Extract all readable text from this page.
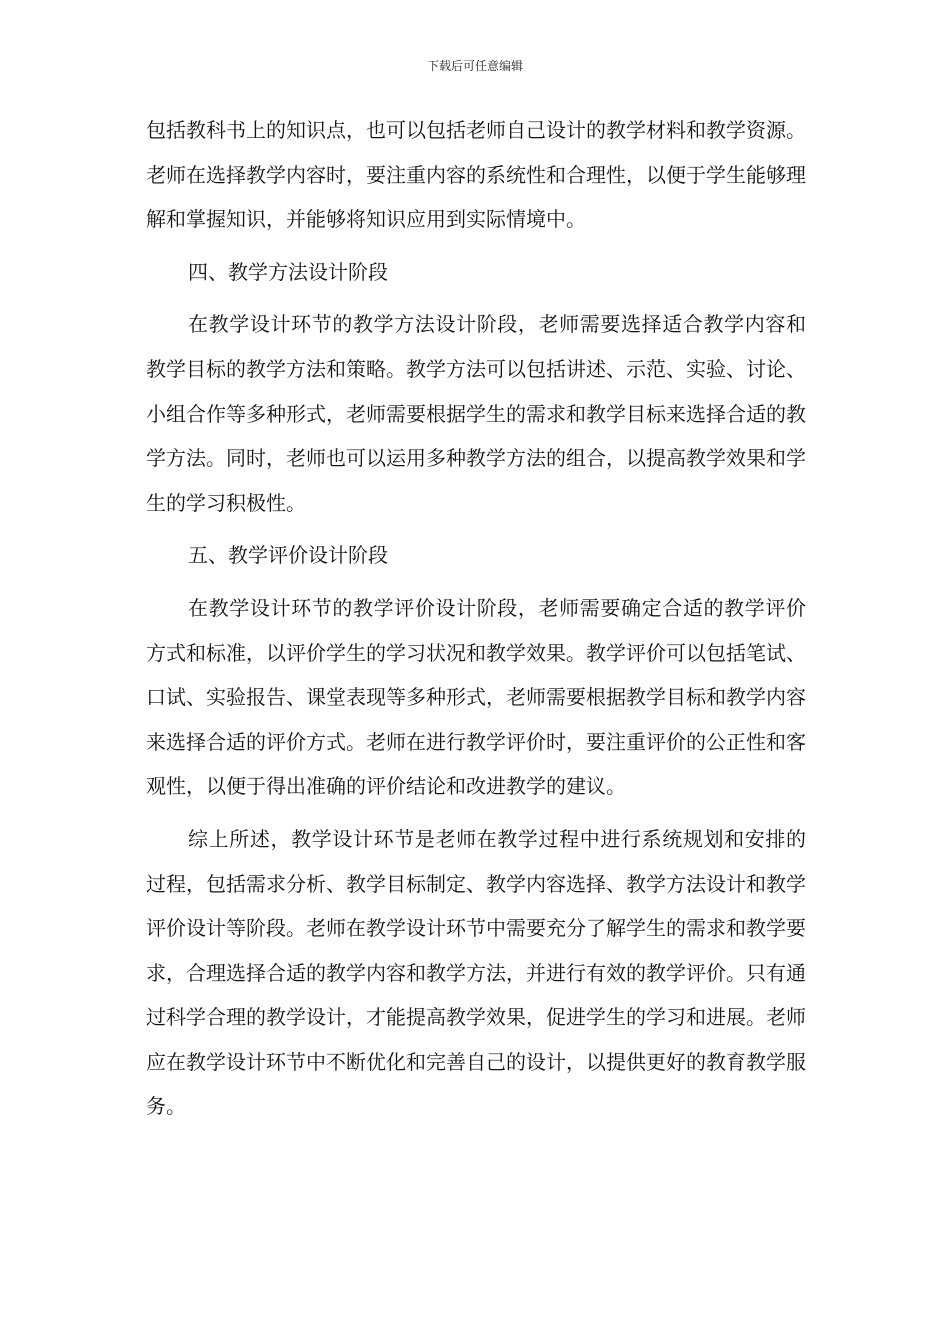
下载后可任意编辑

包括教科书上的知识点，也可以包括老师自己设计的教学材料和教学资源。老师在选择教学内容时，要注重内容的系统性和合理性，以便于学生能够理解和掌握知识，并能够将知识应用到实际情境中。

四、教学方法设计阶段

在教学设计环节的教学方法设计阶段，老师需要选择适合教学内容和教学目标的教学方法和策略。教学方法可以包括讲述、示范、实验、讨论、小组合作等多种形式，老师需要根据学生的需求和教学目标来选择合适的教学方法。同时，老师也可以运用多种教学方法的组合，以提高教学效果和学生的学习积极性。

五、教学评价设计阶段

在教学设计环节的教学评价设计阶段，老师需要确定合适的教学评价方式和标准，以评价学生的学习状况和教学效果。教学评价可以包括笔试、口试、实验报告、课堂表现等多种形式，老师需要根据教学目标和教学内容来选择合适的评价方式。老师在进行教学评价时，要注重评价的公正性和客观性，以便于得出准确的评价结论和改进教学的建议。

综上所述，教学设计环节是老师在教学过程中进行系统规划和安排的过程，包括需求分析、教学目标制定、教学内容选择、教学方法设计和教学评价设计等阶段。老师在教学设计环节中需要充分了解学生的需求和教学要求，合理选择合适的教学内容和教学方法，并进行有效的教学评价。只有通过科学合理的教学设计，才能提高教学效果，促进学生的学习和进展。老师应在教学设计环节中不断优化和完善自己的设计，以提供更好的教育教学服务。
